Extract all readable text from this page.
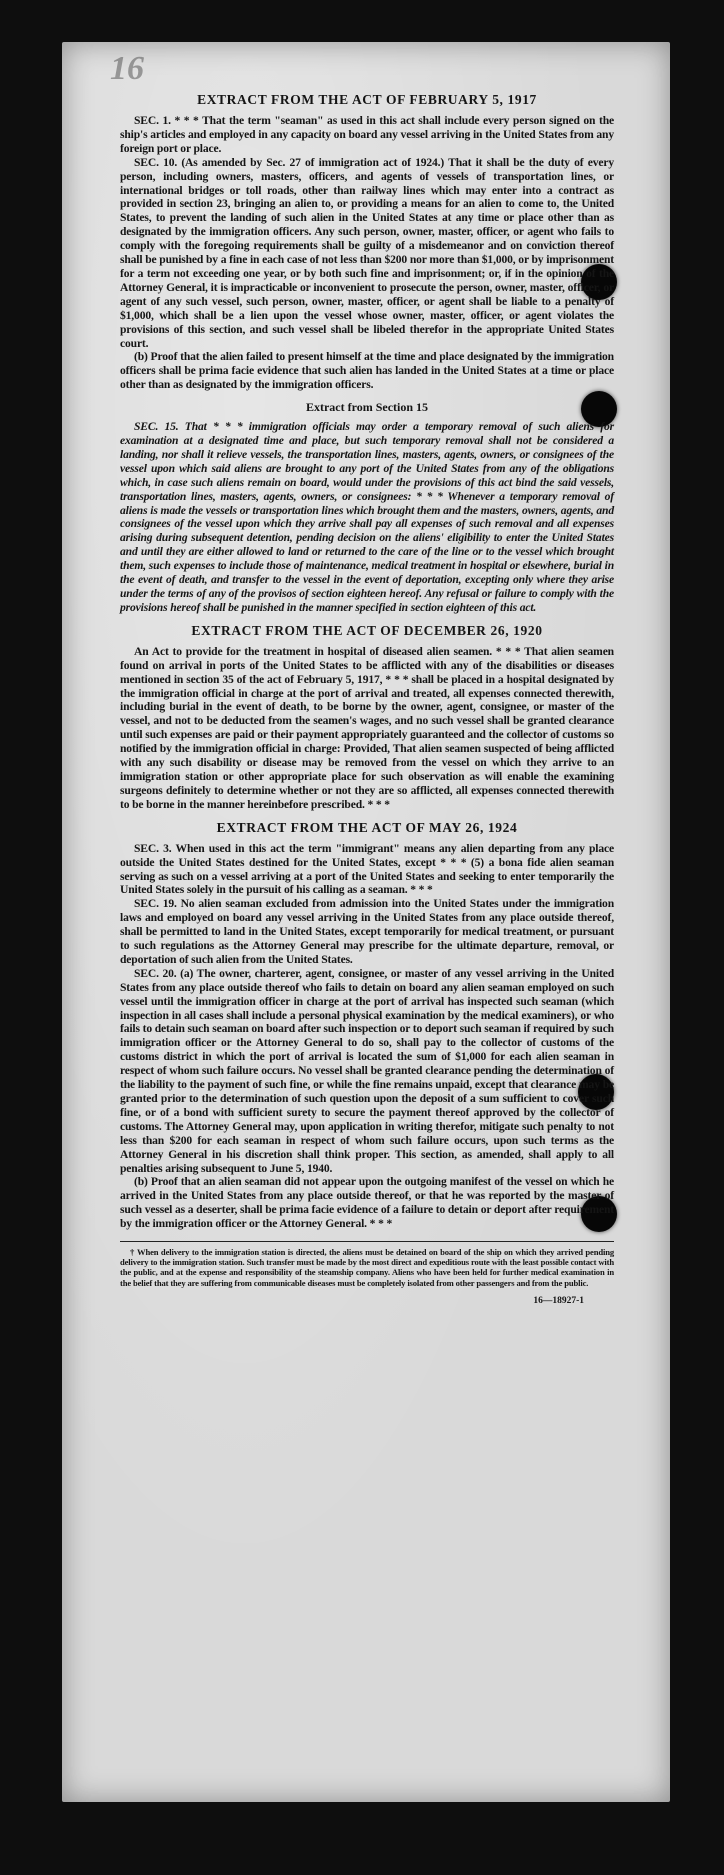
16
EXTRACT FROM THE ACT OF FEBRUARY 5, 1917

SEC. 1. * * * That the term "seaman" as used in this act shall include every person signed on the ship's articles and employed in any capacity on board any vessel arriving in the United States from any foreign port or place.

SEC. 10. (As amended by Sec. 27 of immigration act of 1924.) That it shall be the duty of every person, including owners, masters, officers, and agents of vessels of transportation lines, or international bridges or toll roads, other than railway lines which may enter into a contract as provided in section 23, bringing an alien to, or providing a means for an alien to come to, the United States, to prevent the landing of such alien in the United States at any time or place other than as designated by the immigration officers. Any such person, owner, master, officer, or agent who fails to comply with the foregoing requirements shall be guilty of a misdemeanor and on conviction thereof shall be punished by a fine in each case of not less than $200 nor more than $1,000, or by imprisonment for a term not exceeding one year, or by both such fine and imprisonment; or, if in the opinion of the Attorney General, it is impracticable or inconvenient to prosecute the person, owner, master, officer, or agent of any such vessel, such person, owner, master, officer, or agent shall be liable to a penalty of $1,000, which shall be a lien upon the vessel whose owner, master, officer, or agent violates the provisions of this section, and such vessel shall be libeled therefor in the appropriate United States court.

(b) Proof that the alien failed to present himself at the time and place designated by the immigration officers shall be prima facie evidence that such alien has landed in the United States at a time or place other than as designated by the immigration officers.

Extract from Section 15

SEC. 15. That * * * immigration officials may order a temporary removal of such aliens for examination at a designated time and place, but such temporary removal shall not be considered a landing, nor shall it relieve vessels, the transportation lines, masters, agents, owners, or consignees of the vessel upon which said aliens are brought to any port of the United States from any of the obligations which, in case such aliens remain on board, would under the provisions of this act bind the said vessels, transportation lines, masters, agents, owners, or consignees: * * * Whenever a temporary removal of aliens is made the vessels or transportation lines which brought them and the masters, owners, agents, and consignees of the vessel upon which they arrive shall pay all expenses of such removal and all expenses arising during subsequent detention, pending decision on the aliens' eligibility to enter the United States and until they are either allowed to land or returned to the care of the line or to the vessel which brought them, such expenses to include those of maintenance, medical treatment in hospital or elsewhere, burial in the event of death, and transfer to the vessel in the event of deportation, excepting only where they arise under the terms of any of the provisos of section eighteen hereof. Any refusal or failure to comply with the provisions hereof shall be punished in the manner specified in section eighteen of this act.

EXTRACT FROM THE ACT OF DECEMBER 26, 1920

An Act to provide for the treatment in hospital of diseased alien seamen. * * * That alien seamen found on arrival in ports of the United States to be afflicted with any of the disabilities or diseases mentioned in section 35 of the act of February 5, 1917, * * * shall be placed in a hospital designated by the immigration official in charge at the port of arrival and treated, all expenses connected therewith, including burial in the event of death, to be borne by the owner, agent, consignee, or master of the vessel, and not to be deducted from the seamen's wages, and no such vessel shall be granted clearance until such expenses are paid or their payment appropriately guaranteed and the collector of customs so notified by the immigration official in charge: Provided, That alien seamen suspected of being afflicted with any such disability or disease may be removed from the vessel on which they arrive to an immigration station or other appropriate place for such observation as will enable the examining surgeons definitely to determine whether or not they are so afflicted, all expenses connected therewith to be borne in the manner hereinbefore prescribed. * * *

EXTRACT FROM THE ACT OF MAY 26, 1924

SEC. 3. When used in this act the term "immigrant" means any alien departing from any place outside the United States destined for the United States, except * * * (5) a bona fide alien seaman serving as such on a vessel arriving at a port of the United States and seeking to enter temporarily the United States solely in the pursuit of his calling as a seaman. * * *

SEC. 19. No alien seaman excluded from admission into the United States under the immigration laws and employed on board any vessel arriving in the United States from any place outside thereof, shall be permitted to land in the United States, except temporarily for medical treatment, or pursuant to such regulations as the Attorney General may prescribe for the ultimate departure, removal, or deportation of such alien from the United States.

SEC. 20. (a) The owner, charterer, agent, consignee, or master of any vessel arriving in the United States from any place outside thereof who fails to detain on board any alien seaman employed on such vessel until the immigration officer in charge at the port of arrival has inspected such seaman (which inspection in all cases shall include a personal physical examination by the medical examiners), or who fails to detain such seaman on board after such inspection or to deport such seaman if required by such immigration officer or the Attorney General to do so, shall pay to the collector of customs of the customs district in which the port of arrival is located the sum of $1,000 for each alien seaman in respect of whom such failure occurs. No vessel shall be granted clearance pending the determination of the liability to the payment of such fine, or while the fine remains unpaid, except that clearance may be granted prior to the determination of such question upon the deposit of a sum sufficient to cover such fine, or of a bond with sufficient surety to secure the payment thereof approved by the collector of customs. The Attorney General may, upon application in writing therefor, mitigate such penalty to not less than $200 for each seaman in respect of whom such failure occurs, upon such terms as the Attorney General in his discretion shall think proper. This section, as amended, shall apply to all penalties arising subsequent to June 5, 1940.

(b) Proof that an alien seaman did not appear upon the outgoing manifest of the vessel on which he arrived in the United States from any place outside thereof, or that he was reported by the master of such vessel as a deserter, shall be prima facie evidence of a failure to detain or deport after requirement by the immigration officer or the Attorney General. * * *

† When delivery to the immigration station is directed, the aliens must be detained on board of the ship on which they arrived pending delivery to the immigration station. Such transfer must be made by the most direct and expeditious route with the least possible contact with the public, and at the expense and responsibility of the steamship company. Aliens who have been held for further medical examination in the belief that they are suffering from communicable diseases must be completely isolated from other passengers and from the public.

16—18927-1
